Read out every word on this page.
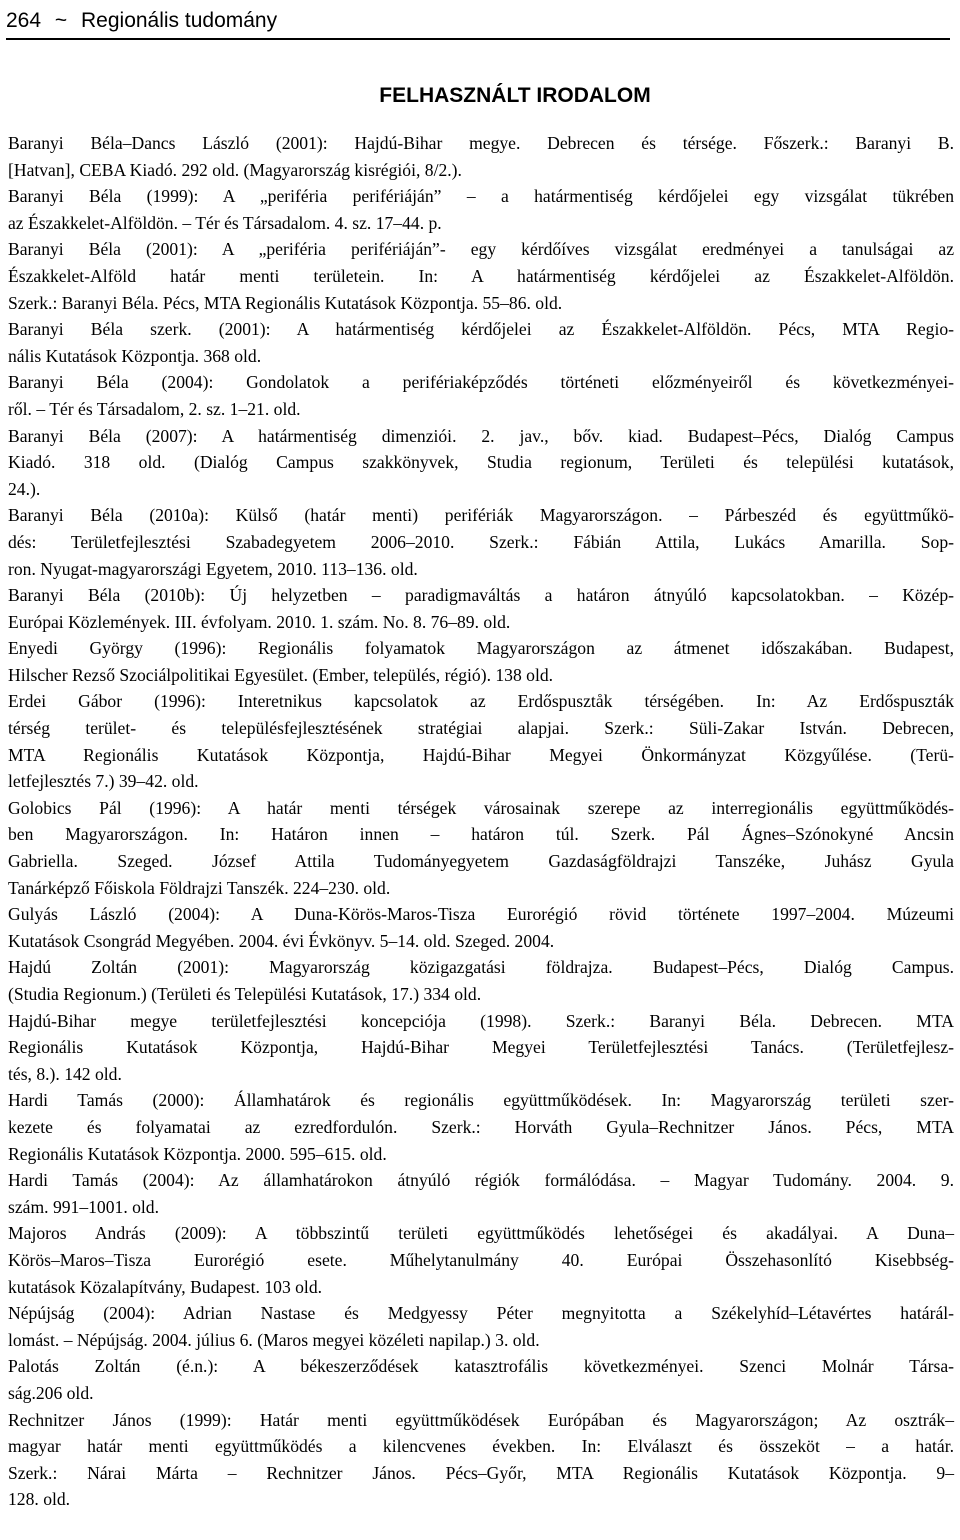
264 ~ Regionális tudomány
FELHASZNÁLT IRODALOM
Baranyi Béla–Dancs László (2001): Hajdú-Bihar megye. Debrecen és térsége. Főszerk.: Baranyi B.
[Hatvan], CEBA Kiadó. 292 old. (Magyarország kisrégiói, 8/2.).
Baranyi Béla (1999): A „periféria perifériáján” – a határmentiség kérdőjelei egy vizsgálat tükrében
az Északkelet-Alföldön. – Tér és Társadalom. 4. sz. 17–44. p.
Baranyi Béla (2001): A „periféria perifériáján”- egy kérdőíves vizsgálat eredményei a tanulságai az
Északkelet-Alföld határ menti területein. In: A határmentiség kérdőjelei az Északkelet-Alföldön.
Szerk.: Baranyi Béla. Pécs, MTA Regionális Kutatások Központja. 55–86. old.
Baranyi Béla szerk. (2001): A határmentiség kérdőjelei az Északkelet-Alföldön. Pécs, MTA Regio-
nális Kutatások Központja. 368 old.
Baranyi Béla (2004): Gondolatok a perifériaképződés történeti előzményeiről és következményei-
ről. – Tér és Társadalom, 2. sz. 1–21. old.
Baranyi Béla (2007): A határmentiség dimenziói. 2. jav., bőv. kiad. Budapest–Pécs, Dialóg Campus
Kiadó. 318 old. (Dialóg Campus szakkönyvek, Studia regionum, Területi és települési kutatások,
24.).
Baranyi Béla (2010a): Külső (határ menti) perifériák Magyarországon. – Párbeszéd és együttműkö-
dés: Területfejlesztési Szabadegyetem 2006–2010. Szerk.: Fábián Attila, Lukács Amarilla. Sop-
ron. Nyugat-magyarországi Egyetem, 2010. 113–136. old.
Baranyi Béla (2010b): Új helyzetben – paradigmaváltás a határon átnyúló kapcsolatokban. – Közép-
Európai Közlemények. III. évfolyam. 2010. 1. szám. No. 8. 76–89. old.
Enyedi György (1996): Regionális folyamatok Magyarországon az átmenet időszakában. Budapest,
Hilscher Rezső Szociálpolitikai Egyesület. (Ember, település, régió). 138 old.
Erdei Gábor (1996): Interetnikus kapcsolatok az Erdőspusztåk térségében. In: Az Erdőspuszták
térség terület- és településfejlesztésének stratégiai alapjai. Szerk.: Süli-Zakar István. Debrecen,
MTA Regionális Kutatások Központja, Hajdú-Bihar Megyei Önkormányzat Közgyűlése. (Terü-
letfejlesztés 7.) 39–42. old.
Golobics Pál (1996): A határ menti térségek városainak szerepe az interregionális együttműködés-
ben Magyarországon. In: Határon innen – határon túl. Szerk. Pál Ágnes–Szónokyné Ancsin
Gabriella. Szeged. József Attila Tudományegyetem Gazdaságföldrajzi Tanszéke, Juhász Gyula
Tanárképző Főiskola Földrajzi Tanszék. 224–230. old.
Gulyás László (2004): A Duna-Körös-Maros-Tisza Eurorégió rövid története 1997–2004. Múzeumi
Kutatások Csongrád Megyében. 2004. évi Évkönyv. 5–14. old. Szeged. 2004.
Hajdú Zoltán (2001): Magyarország közigazgatási földrajza. Budapest–Pécs, Dialóg Campus.
(Studia Regionum.) (Területi és Települési Kutatások, 17.) 334 old.
Hajdú-Bihar megye területfejlesztési koncepciója (1998). Szerk.: Baranyi Béla. Debrecen. MTA
Regionális Kutatások Központja, Hajdú-Bihar Megyei Területfejlesztési Tanács. (Területfejlesz-
tés, 8.). 142 old.
Hardi Tamás (2000): Államhatárok és regionális együttműködések. In: Magyarország területi szer-
kezete és folyamatai az ezredfordulón. Szerk.: Horváth Gyula–Rechnitzer János. Pécs, MTA
Regionális Kutatások Központja. 2000. 595–615. old.
Hardi Tamás (2004): Az államhatárokon átnyúló régiók formálódása. – Magyar Tudomány. 2004. 9.
szám. 991–1001. old.
Majoros András (2009): A többszintű területi együttműködés lehetőségei és akadályai. A Duna–
Körös–Maros–Tisza Eurorégió esete. Műhelytanulmány 40. Európai Összehasonlító Kisebbség-
kutatások Közalapítvány, Budapest. 103 old.
Népújság (2004): Adrian Nastase és Medgyessy Péter megnyitotta a Székelyhíd–Létavértes határál-
lomást. – Népújság. 2004. július 6. (Maros megyei közéleti napilap.) 3. old.
Palotás Zoltán (é.n.): A békeszerződések katasztrofális következményei. Szenci Molnár Társa-
ság.206 old.
Rechnitzer János (1999): Határ menti együttműködések Európában és Magyarországon; Az osztrák–
magyar határ menti együttműködés a kilencvenes években. In: Elválaszt és összeköt – a határ.
Szerk.: Nárai Márta – Rechnitzer János. Pécs–Győr, MTA Regionális Kutatások Központja. 9–
128. old.
